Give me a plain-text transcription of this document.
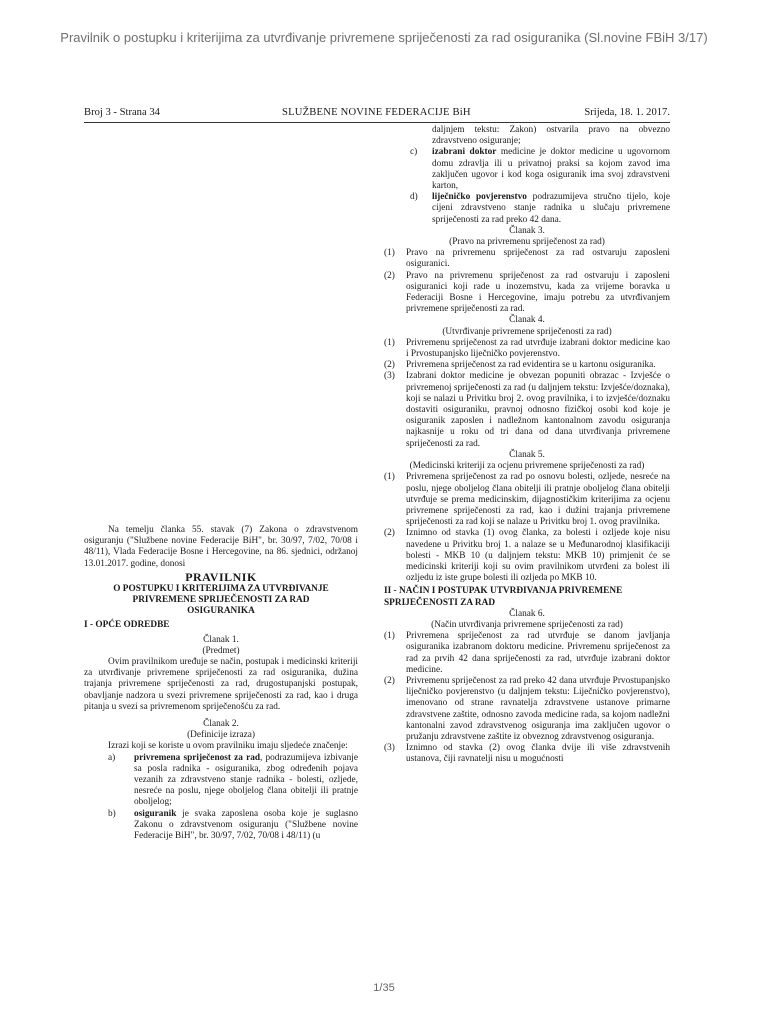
Pravilnik o postupku i kriterijima za utvrđivanje privremene spriječenosti za rad osiguranika (Sl.novine FBiH 3/17)
Broj 3 - Strana 34	SLUŽBENE NOVINE FEDERACIJE BiH	Srijeda, 18. 1. 2017.

Na temelju članka 55. stavak (7) Zakona o zdravstvenom osiguranju ("Službene novine Federacije BiH", br. 30/97, 7/02, 70/08 i 48/11), Vlada Federacije Bosne i Hercegovine, na 86. sjednici, održanoj 13.01.2017. godine, donosi

PRAVILNIK

O POSTUPKU I KRITERIJIMA ZA UTVRĐIVANJE PRIVREMENE SPRIJEČENOSTI ZA RAD OSIGURANIKA

I - OPĆE ODREDBE

Članak 1.

(Predmet)

Ovim pravilnikom uređuje se način, postupak i medicinski kriteriji za utvrđivanje privremene spriječenosti za rad osiguranika, dužina trajanja privremene spriječenosti za rad, drugostupanjski postupak, obavljanje nadzora u svezi privremene spriječenosti za rad, kao i druga pitanja u svezi sa privremenom spriječenošću za rad.

Članak 2.

(Definicije izraza)

Izrazi koji se koriste u ovom pravilniku imaju sljedeće značenje:

a) privremena spriječenost za rad, podrazumijeva izbivanje sa posla radnika - osiguranika, zbog određenih pojava vezanih za zdravstveno stanje radnika - bolesti, ozljede, nesreće na poslu, njege obolјelog člana obitelji ili pratnje obolјelog;
b) osiguranik je svaka zaposlena osoba koje je suglasno Zakonu o zdravstvenom osiguranju ("Službene novine Federacije BiH", br. 30/97, 7/02, 70/08 i 48/11) (u
daljnjem tekstu: Zakon) ostvarila pravo na obvezno zdravstveno osiguranje;
c) izabrani doktor medicine je doktor medicine u ugovornom domu zdravlja ili u privatnoj praksi sa kojom zavod ima zaključen ugovor i kod koga osiguranik ima svoj zdravstveni karton,
d) liječničko povjerenstvo podrazumijeva stručno tijelo, koje cijeni zdravstveno stanje radnika u slučaju privremene spriječenosti za rad preko 42 dana.

Članak 3.

(Pravo na privremenu spriječenost za rad)

(1) Pravo na privremenu spriječenost za rad ostvaruju zaposleni osiguranici.
(2) Pravo na privremenu spriječenost za rad ostvaruju i zaposleni osiguranici koji rade u inozemstvu, kada za vrijeme boravka u Federaciji Bosne i Hercegovine, imaju potrebu za utvrđivanjem privremene spriječenosti za rad.

Članak 4.

(Utvrđivanje privremene spriječenosti za rad)

(1) Privremenu spriječenost za rad utvrđuje izabrani doktor medicine kao i Prvostupanjsko liječničko povjerenstvo.
(2) Privremena spriječenost za rad evidentira se u kartonu osiguranika.
(3) Izabrani doktor medicine je obvezan popuniti obrazac - Izvješće o privremenoj spriječenosti za rad (u daljnjem tekstu: Izvješće/doznaka), koji se nalazi u Privitku broj 2. ovog pravilnika, i to izvješće/doznaku dostaviti osiguraniku, pravnoj odnosno fizičkoj osobi kod koje je osiguranik zaposlen i nadležnom kantonalnom zavodu osiguranja najkasnije u roku od tri dana od dana utvrđivanja privremene spriječenosti za rad.

Članak 5.

(Medicinski kriteriji za ocjenu privremene spriječenosti za rad)

(1) Privremena spriječenost za rad po osnovu bolesti, ozljede, nesreće na poslu, njege oboljelog člana obitelji ili pratnje oboljelog člana obitelji utvrđuje se prema medicinskim, dijagnostičkim kriterijima za ocjenu privremene spriječenosti za rad, kao i dužini trajanja privremene spriječenosti za rad koji se nalaze u Privitku broj 1. ovog pravilnika.
(2) Iznimno od stavka (1) ovog članka, za bolesti i ozljede koje nisu navedene u Privitku broj 1. a nalaze se u Međunarodnoj klasifikaciji bolesti - MKB 10 (u daljnjem tekstu: MKB 10) primjenit će se medicinski kriteriji koji su ovim pravilnikom utvrđeni za bolest ili ozljedu iz iste grupe bolesti ili ozljeda po MKB 10.

II - NAČIN I POSTUPAK UTVRĐIVANJA PRIVREMENE SPRIJEČENOSTI ZA RAD

Članak 6.

(Način utvrđivanja privremene spriječenosti za rad)

(1) Privremena spriječenost za rad utvrđuje se danom javljanja osiguranika izabranom doktoru medicine. Privremenu spriječenost za rad za prvih 42 dana spriječenosti za rad, utvrđuje izabrani doktor medicine.
(2) Privremenu spriječenost za rad preko 42 dana utvrđuje Prvostupanjsko liječničko povjerenstvo (u daljnjem tekstu: Liječničko povjerenstvo), imenovano od strane ravnatelja zdravstvene ustanove primarne zdravstvene zaštite, odnosno zavoda medicine rada, sa kojom nadležni kantonalni zavod zdravstvenog osiguranja ima zaključen ugovor o pružanju zdravstvene zaštite iz obveznog zdravstvenog osiguranja.
(3) Iznimno od stavka (2) ovog članka dvije ili više zdravstvenih ustanova, čiji ravnatelji nisu u mogućnosti
1/35
